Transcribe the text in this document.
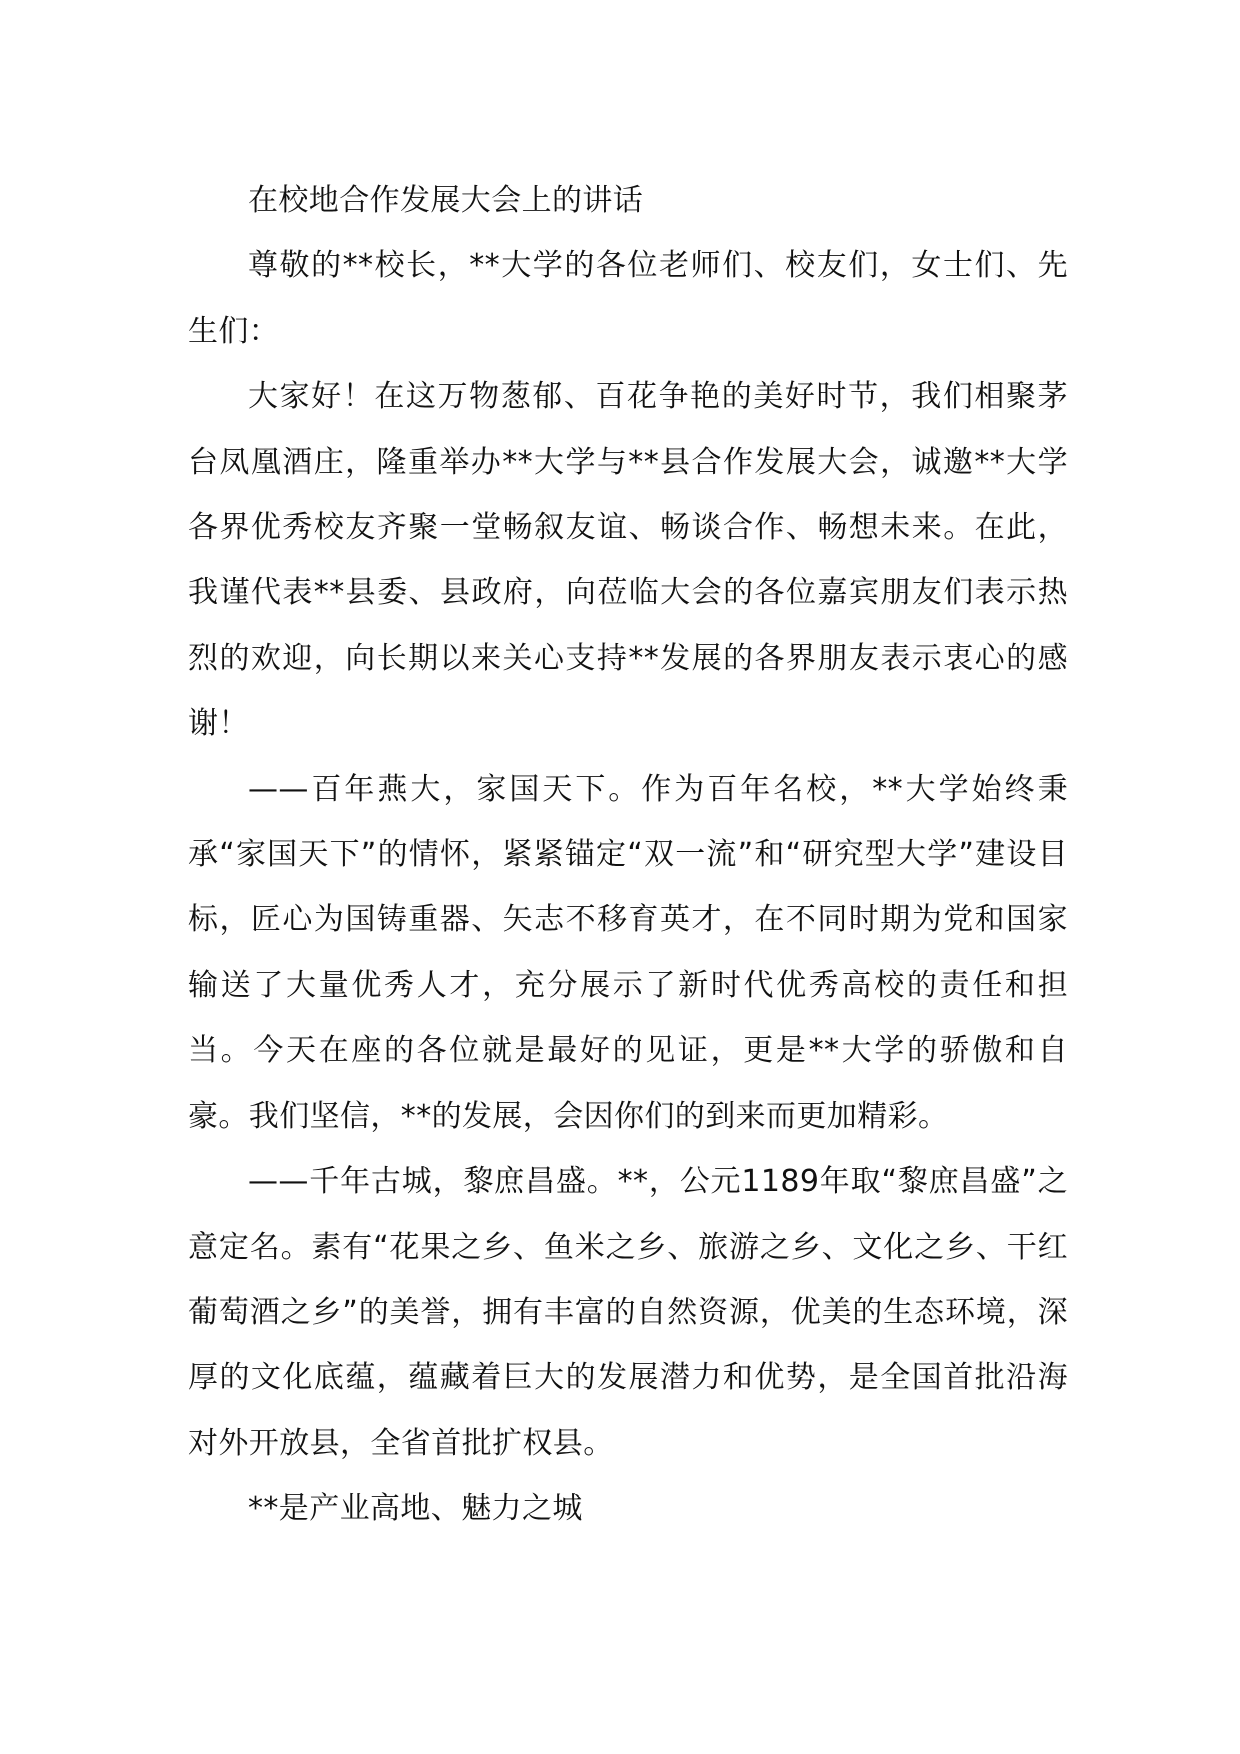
在校地合作发展大会上的讲话

尊敬的**校长，**大学的各位老师们、校友们，女士们、先生们：

大家好！在这万物葱郁、百花争艳的美好时节，我们相聚茅台凤凰酒庄，隆重举办**大学与**县合作发展大会，诚邀**大学各界优秀校友齐聚一堂畅叙友谊、畅谈合作、畅想未来。在此，我谨代表**县委、县政府，向莅临大会的各位嘉宾朋友们表示热烈的欢迎，向长期以来关心支持**发展的各界朋友表示衷心的感谢！

——百年燕大，家国天下。作为百年名校，**大学始终秉承“家国天下”的情怀，紧紧锚定“双一流”和“研究型大学”建设目标，匠心为国铸重器、矢志不移育英才，在不同时期为党和国家输送了大量优秀人才，充分展示了新时代优秀高校的责任和担当。今天在座的各位就是最好的见证，更是**大学的骄傲和自豪。我们坚信，**的发展，会因你们的到来而更加精彩。

——千年古城，黎庶昌盛。**，公元1189年取“黎庶昌盛”之意定名。素有“花果之乡、鱼米之乡、旅游之乡、文化之乡、干红葡萄酒之乡”的美誉，拥有丰富的自然资源，优美的生态环境，深厚的文化底蕴，蕴藏着巨大的发展潜力和优势，是全国首批沿海对外开放县，全省首批扩权县。

**是产业高地、魅力之城
